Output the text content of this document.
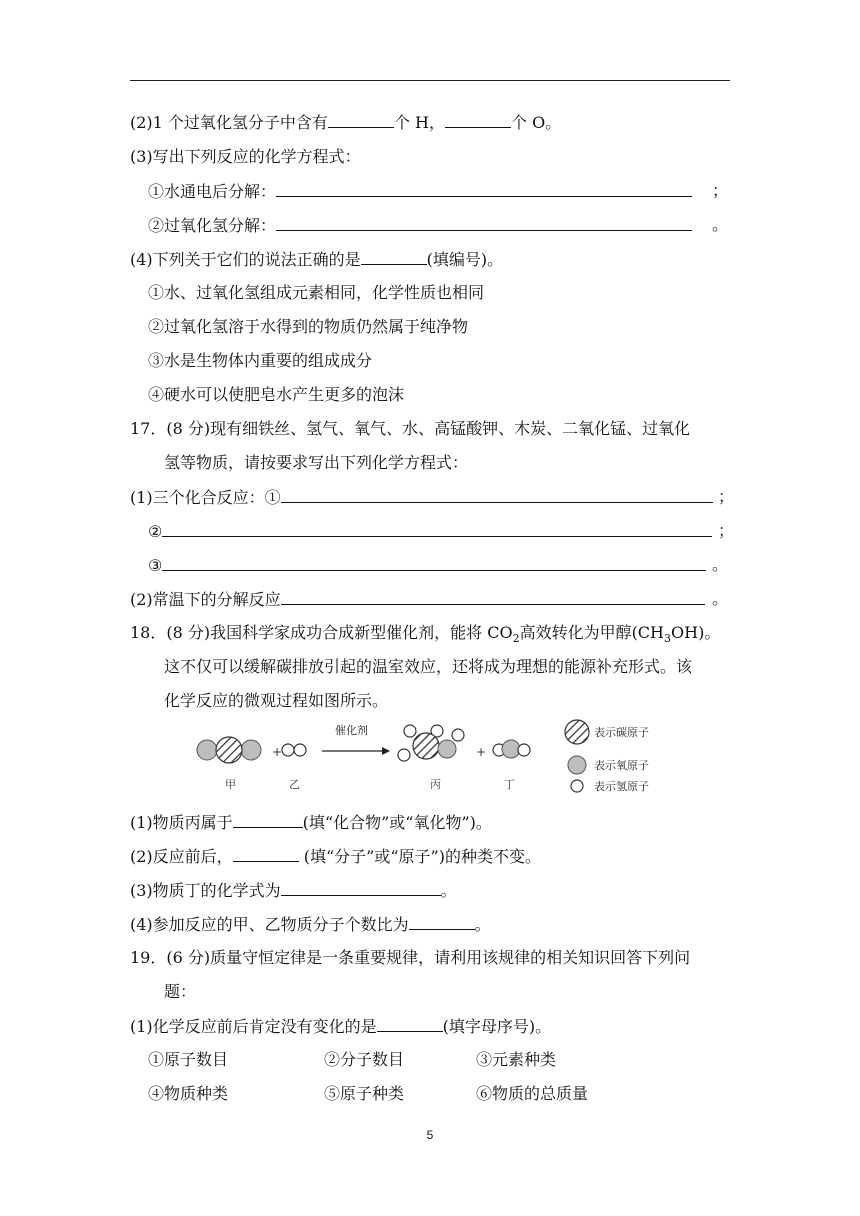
(2)1 个过氧化氢分子中含有	个 H，	个 O。
(3)写出下列反应的化学方程式：
①水通电后分解：	；
②过氧化氢分解：	。
(4)下列关于它们的说法正确的是	(填编号)。
①水、过氧化氢组成元素相同，化学性质也相同
②过氧化氢溶于水得到的物质仍然属于纯净物
③水是生物体内重要的组成成分
④硬水可以使肥皂水产生更多的泡沫
17．(8 分)现有细铁丝、氢气、氧气、水、高锰酸钾、木炭、二氧化锰、过氧化
氢等物质，请按要求写出下列化学方程式：
(1)三个化合反应：①	；
②	；
③	。
(2)常温下的分解反应	。
18．(8 分)我国科学家成功合成新型催化剂，能将 $CO_2$高效转化为甲醇$(CH_3OH)$。
这不仅可以缓解碳排放引起的温室效应，还将成为理想的能源补充形式。该
化学反应的微观过程如图所示。
+
催化剂
+
甲	乙	丙	丁
表示碳原子
表示氧原子
表示氢原子
(1)物质丙属于	(填“化合物”或“氧化物”)。
(2)反应前后，	(填“分子”或“原子”)的种类不变。
(3)物质丁的化学式为	。
(4)参加反应的甲、乙物质分子个数比为	。
19．(6 分)质量守恒定律是一条重要规律，请利用该规律的相关知识回答下列问
题：
(1)化学反应前后肯定没有变化的是	(填字母序号)。
①原子数目	②分子数目	③元素种类
④物质种类	⑤原子种类	⑥物质的总质量
5
